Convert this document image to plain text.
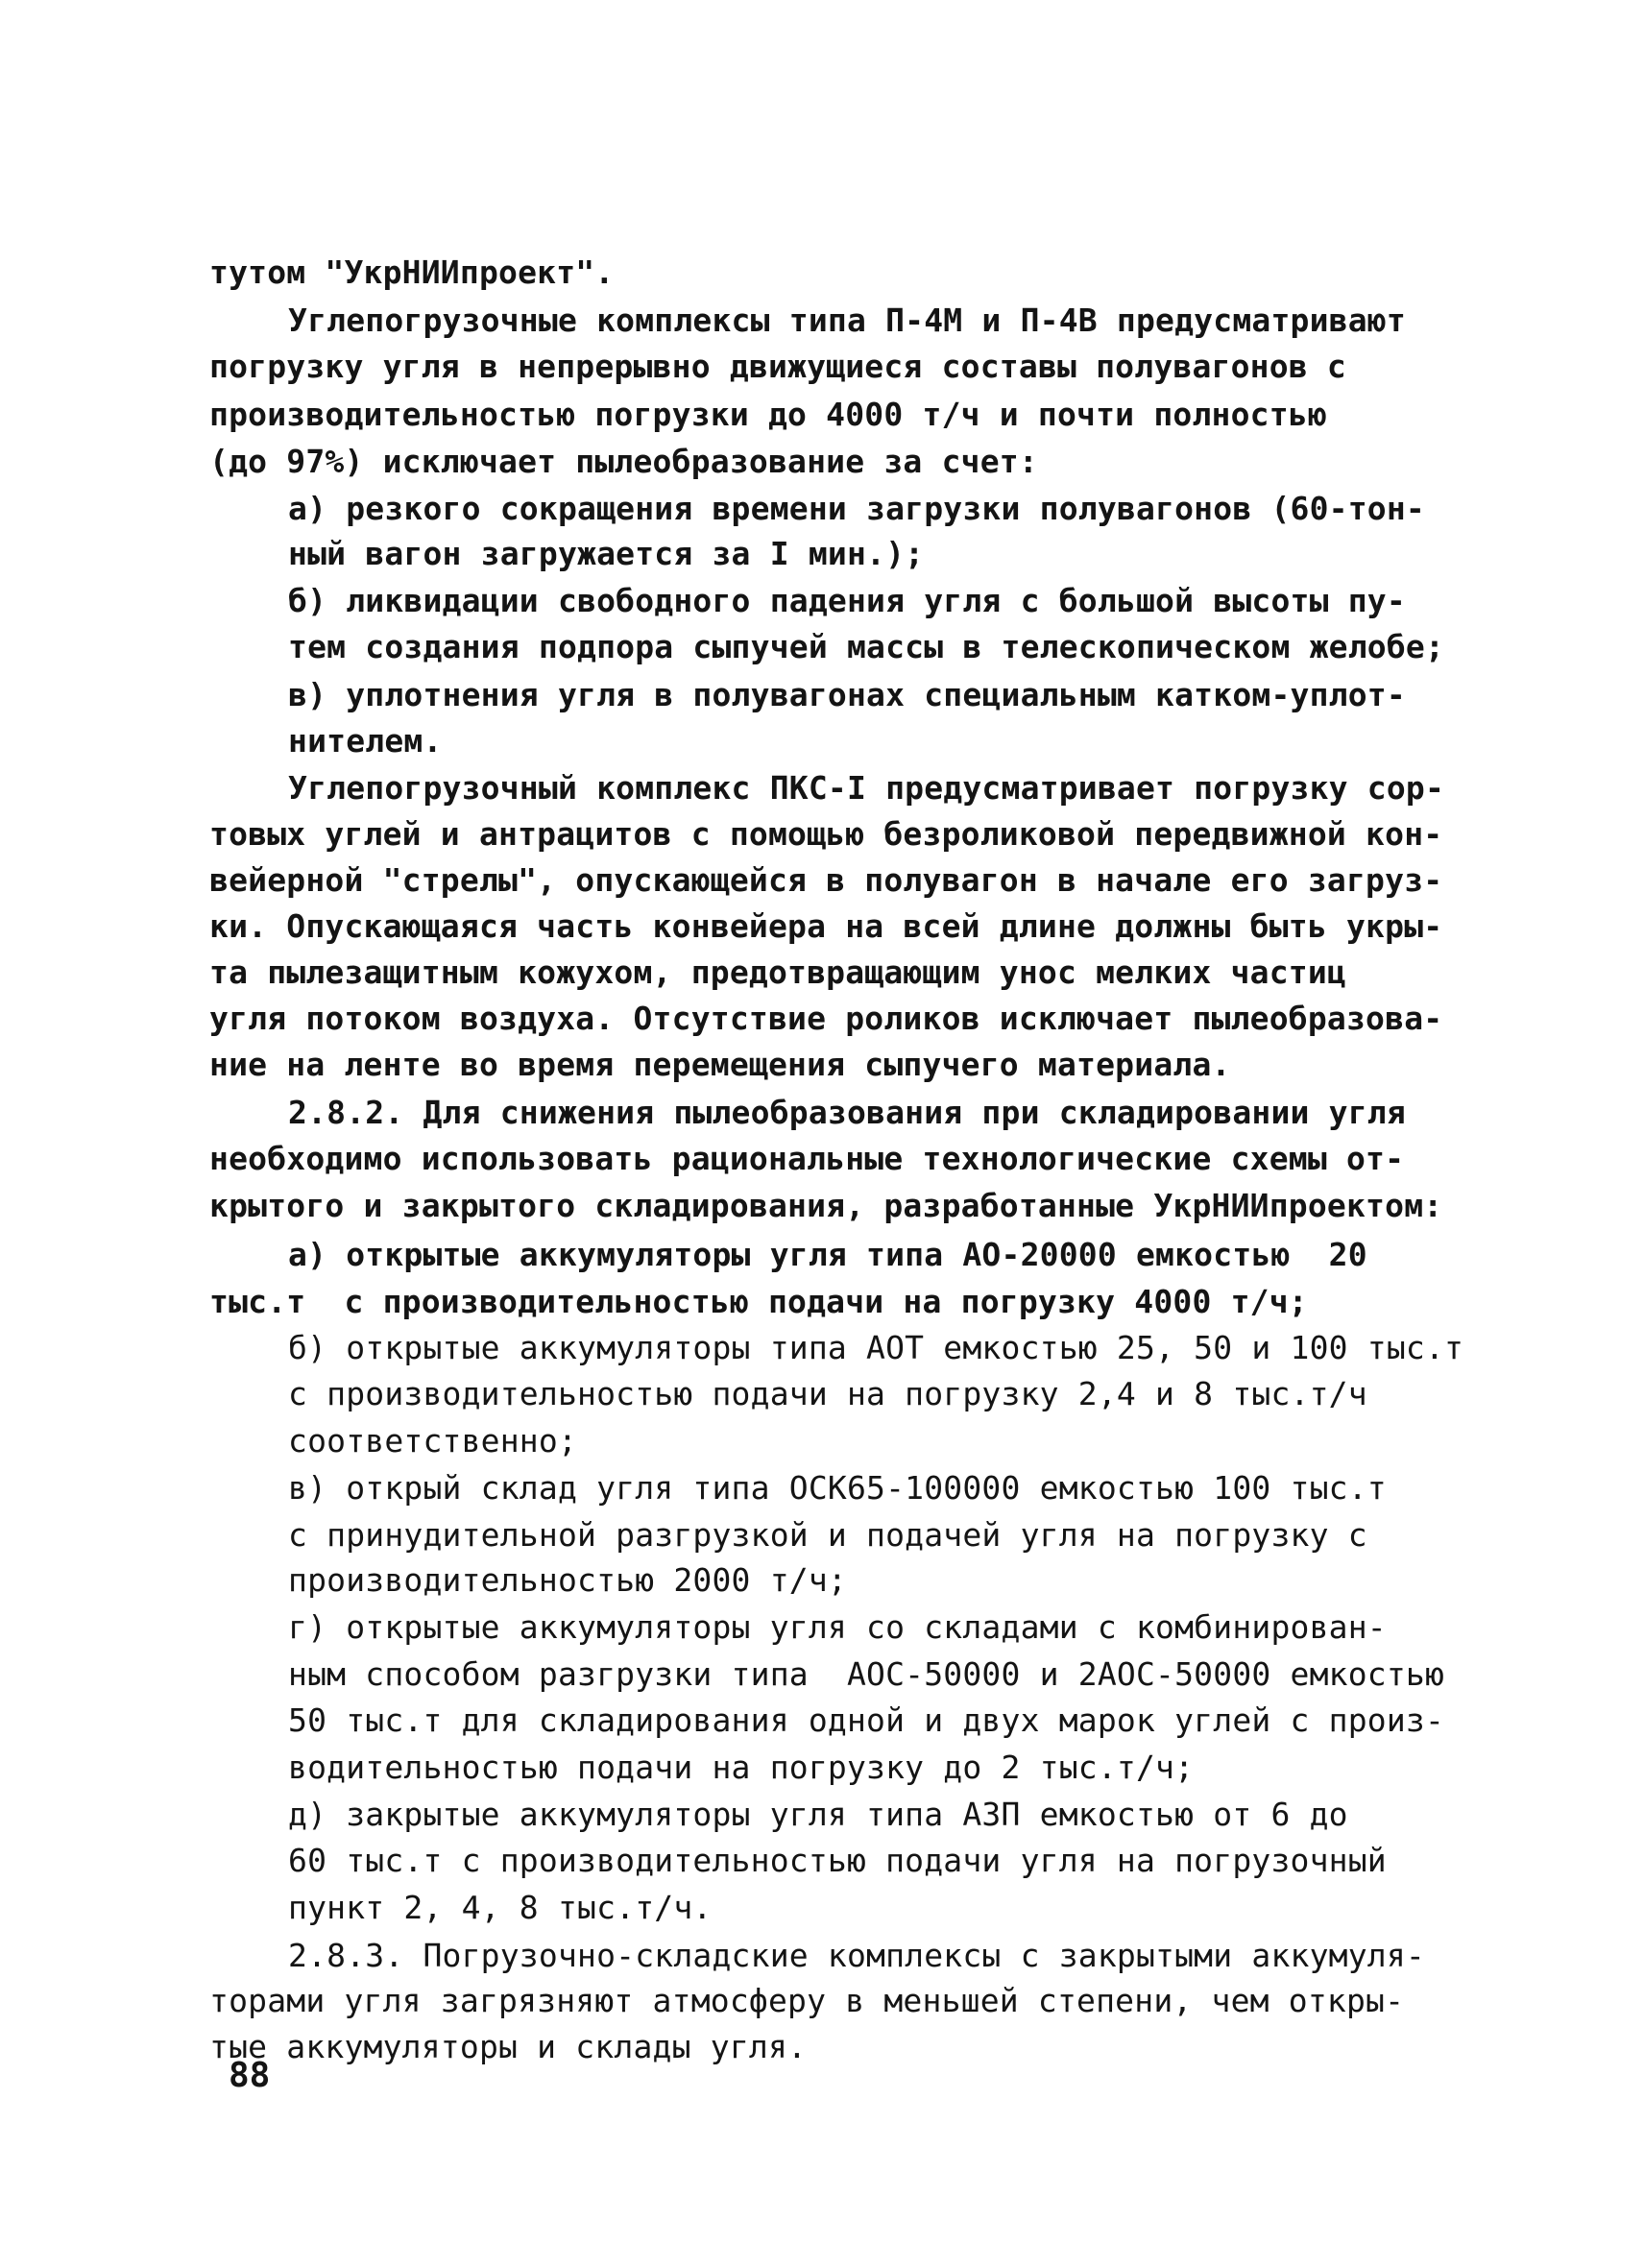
тутом "УкрНИИпроект".

Углепогрузочные комплексы типа П-4М и П-4В предусматривают

погрузку угля в непрерывно движущиеся составы полувагонов с

производительностью погрузки до 4000 т/ч и почти полностью

(до 97%) исключает пылеобразование за счет:

а) резкого сокращения времени загрузки полувагонов (60-тон-

ный вагон загружается за I мин.);

б) ликвидации свободного падения угля с большой высоты пу-

тем создания подпора сыпучей массы в телескопическом желобе;

в) уплотнения угля в полувагонах специальным катком-уплот-

нителем.

Углепогрузочный комплекс ПКС-I предусматривает погрузку сор-

товых углей и антрацитов с помощью безроликовой передвижной кон-

вейерной "стрелы", опускающейся в полувагон в начале его загруз-

ки. Опускающаяся часть конвейера на всей длине должны быть укры-

та пылезащитным кожухом, предотвращающим унос мелких частиц

угля потоком воздуха. Отсутствие роликов исключает пылеобразова-

ние на ленте во время перемещения сыпучего материала.

2.8.2. Для снижения пылеобразования при складировании угля

необходимо использовать рациональные технологические схемы от-

крытого и закрытого складирования, разработанные УкрНИИпроектом:

а) открытые аккумуляторы угля типа АО-20000 емкостью  20

тыс.т  с производительностью подачи на погрузку 4000 т/ч;

б) открытые аккумуляторы типа АОТ емкостью 25, 50 и 100 тыс.т

с производительностью подачи на погрузку 2,4 и 8 тыс.т/ч

соответственно;

в) открый склад угля типа ОСК65-100000 емкостью 100 тыс.т

с принудительной разгрузкой и подачей угля на погрузку с

производительностью 2000 т/ч;

г) открытые аккумуляторы угля со складами с комбинирован-

ным способом разгрузки типа  АОС-50000 и 2АОС-50000 емкостью

50 тыс.т для складирования одной и двух марок углей с произ-

водительностью подачи на погрузку до 2 тыс.т/ч;

д) закрытые аккумуляторы угля типа АЗП емкостью от 6 до

60 тыс.т с производительностью подачи угля на погрузочный

пункт 2, 4, 8 тыс.т/ч.

2.8.3. Погрузочно-складские комплексы с закрытыми аккумуля-

торами угля загрязняют атмосферу в меньшей степени, чем откры-

тые аккумуляторы и склады угля.

88
